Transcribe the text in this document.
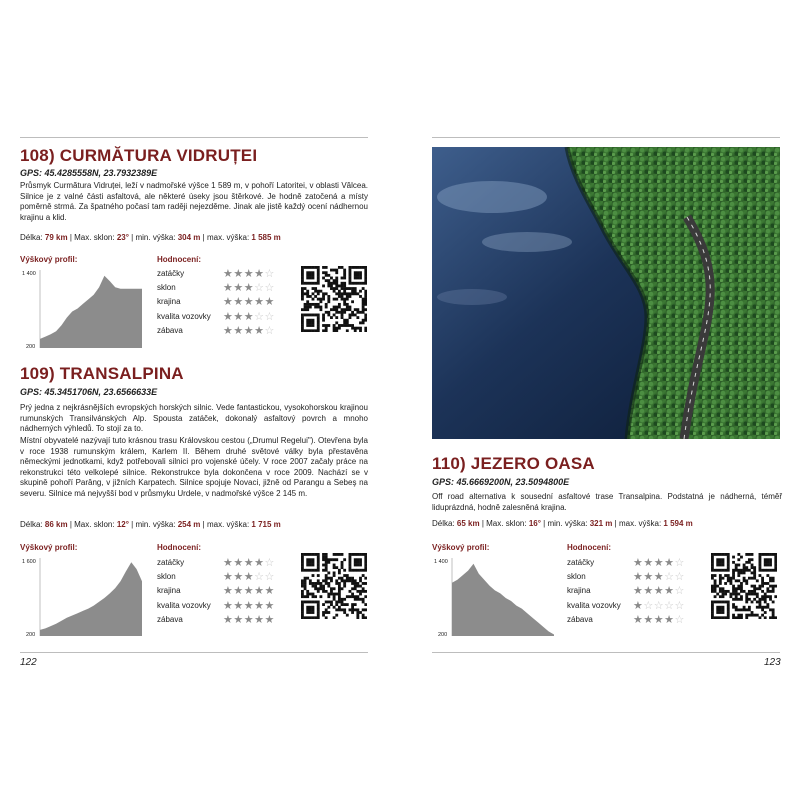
108) CURMĂTURA VIDRUȚEI
GPS: 45.4285558N, 23.7932389E

Průsmyk Curmătura Vidruței, leží v nadmořské výšce 1 589 m, v pohoří Latoritei, v oblasti Vâlcea. Silnice je z valné části asfaltová, ale některé úseky jsou štěrkové. Je hodně zatočená a místy poměrně strmá. Za špatného počasí tam raději nejezděme. Jinak ale jistě každý ocení nádhernou krajinu a klid.

Délka: 79 km | Max. sklon: 23° | min. výška: 304 m | max. výška: 1 585 m
Výškový profil:
1 400
200
Hodnocení:
zatáčky	★★★★☆
sklon	★★★☆☆
krajina	★★★★★
kvalita vozovky ★★★☆☆
zábava	★★★★☆
109) TRANSALPINA
GPS: 45.3451706N, 23.6566633E

Prý jedna z nejkrásnějších evropských horských silnic. Vede fantastickou, vysokohorskou krajinou rumunských Transilvánských Alp. Spousta zatáček, dokonalý asfaltový povrch a mnoho nádherných výhledů. To stojí za to.

Místní obyvatelé nazývají tuto krásnou trasu Královskou cestou („Drumul Regelui"). Otevřena byla v roce 1938 rumunským králem, Karlem II. Během druhé světové války byla přestavěna německými jednotkami, když potřebovali silnici pro vojenské účely. V roce 2007 začaly práce na rekonstrukci této velkolepé silnice. Rekonstrukce byla dokončena v roce 2009. Nachází se v skupině pohoří Parâng, v jižních Karpatech. Silnice spojuje Novaci, jižně od Parangu a Sebeş na severu. Silnice má nejvyšší bod v průsmyku Urdele, v nadmořské výšce 2 145 m.

Délka: 86 km | Max. sklon: 12° | min. výška: 254 m | max. výška: 1 715 m
Výškový profil:
1 600
200
Hodnocení:
zatáčky	★★★★☆
sklon	★★★☆☆
krajina	★★★★★
kvalita vozovky ★★★★★
zábava	★★★★★
122
110) JEZERO OASA
GPS: 45.6669200N, 23.5094800E

Off road alternativa k sousední asfaltové trase Transalpina. Podstatná je nádherná, téměř liduprázdná, hodně zalesněná krajina.

Délka: 65 km | Max. sklon: 16° | min. výška: 321 m | max. výška: 1 594 m
Výškový profil:
1 400
200
Hodnocení:
zatáčky	★★★★☆
sklon	★★★☆☆
krajina	★★★★☆
kvalita vozovky ★☆☆☆☆
zábava	★★★★☆
123
